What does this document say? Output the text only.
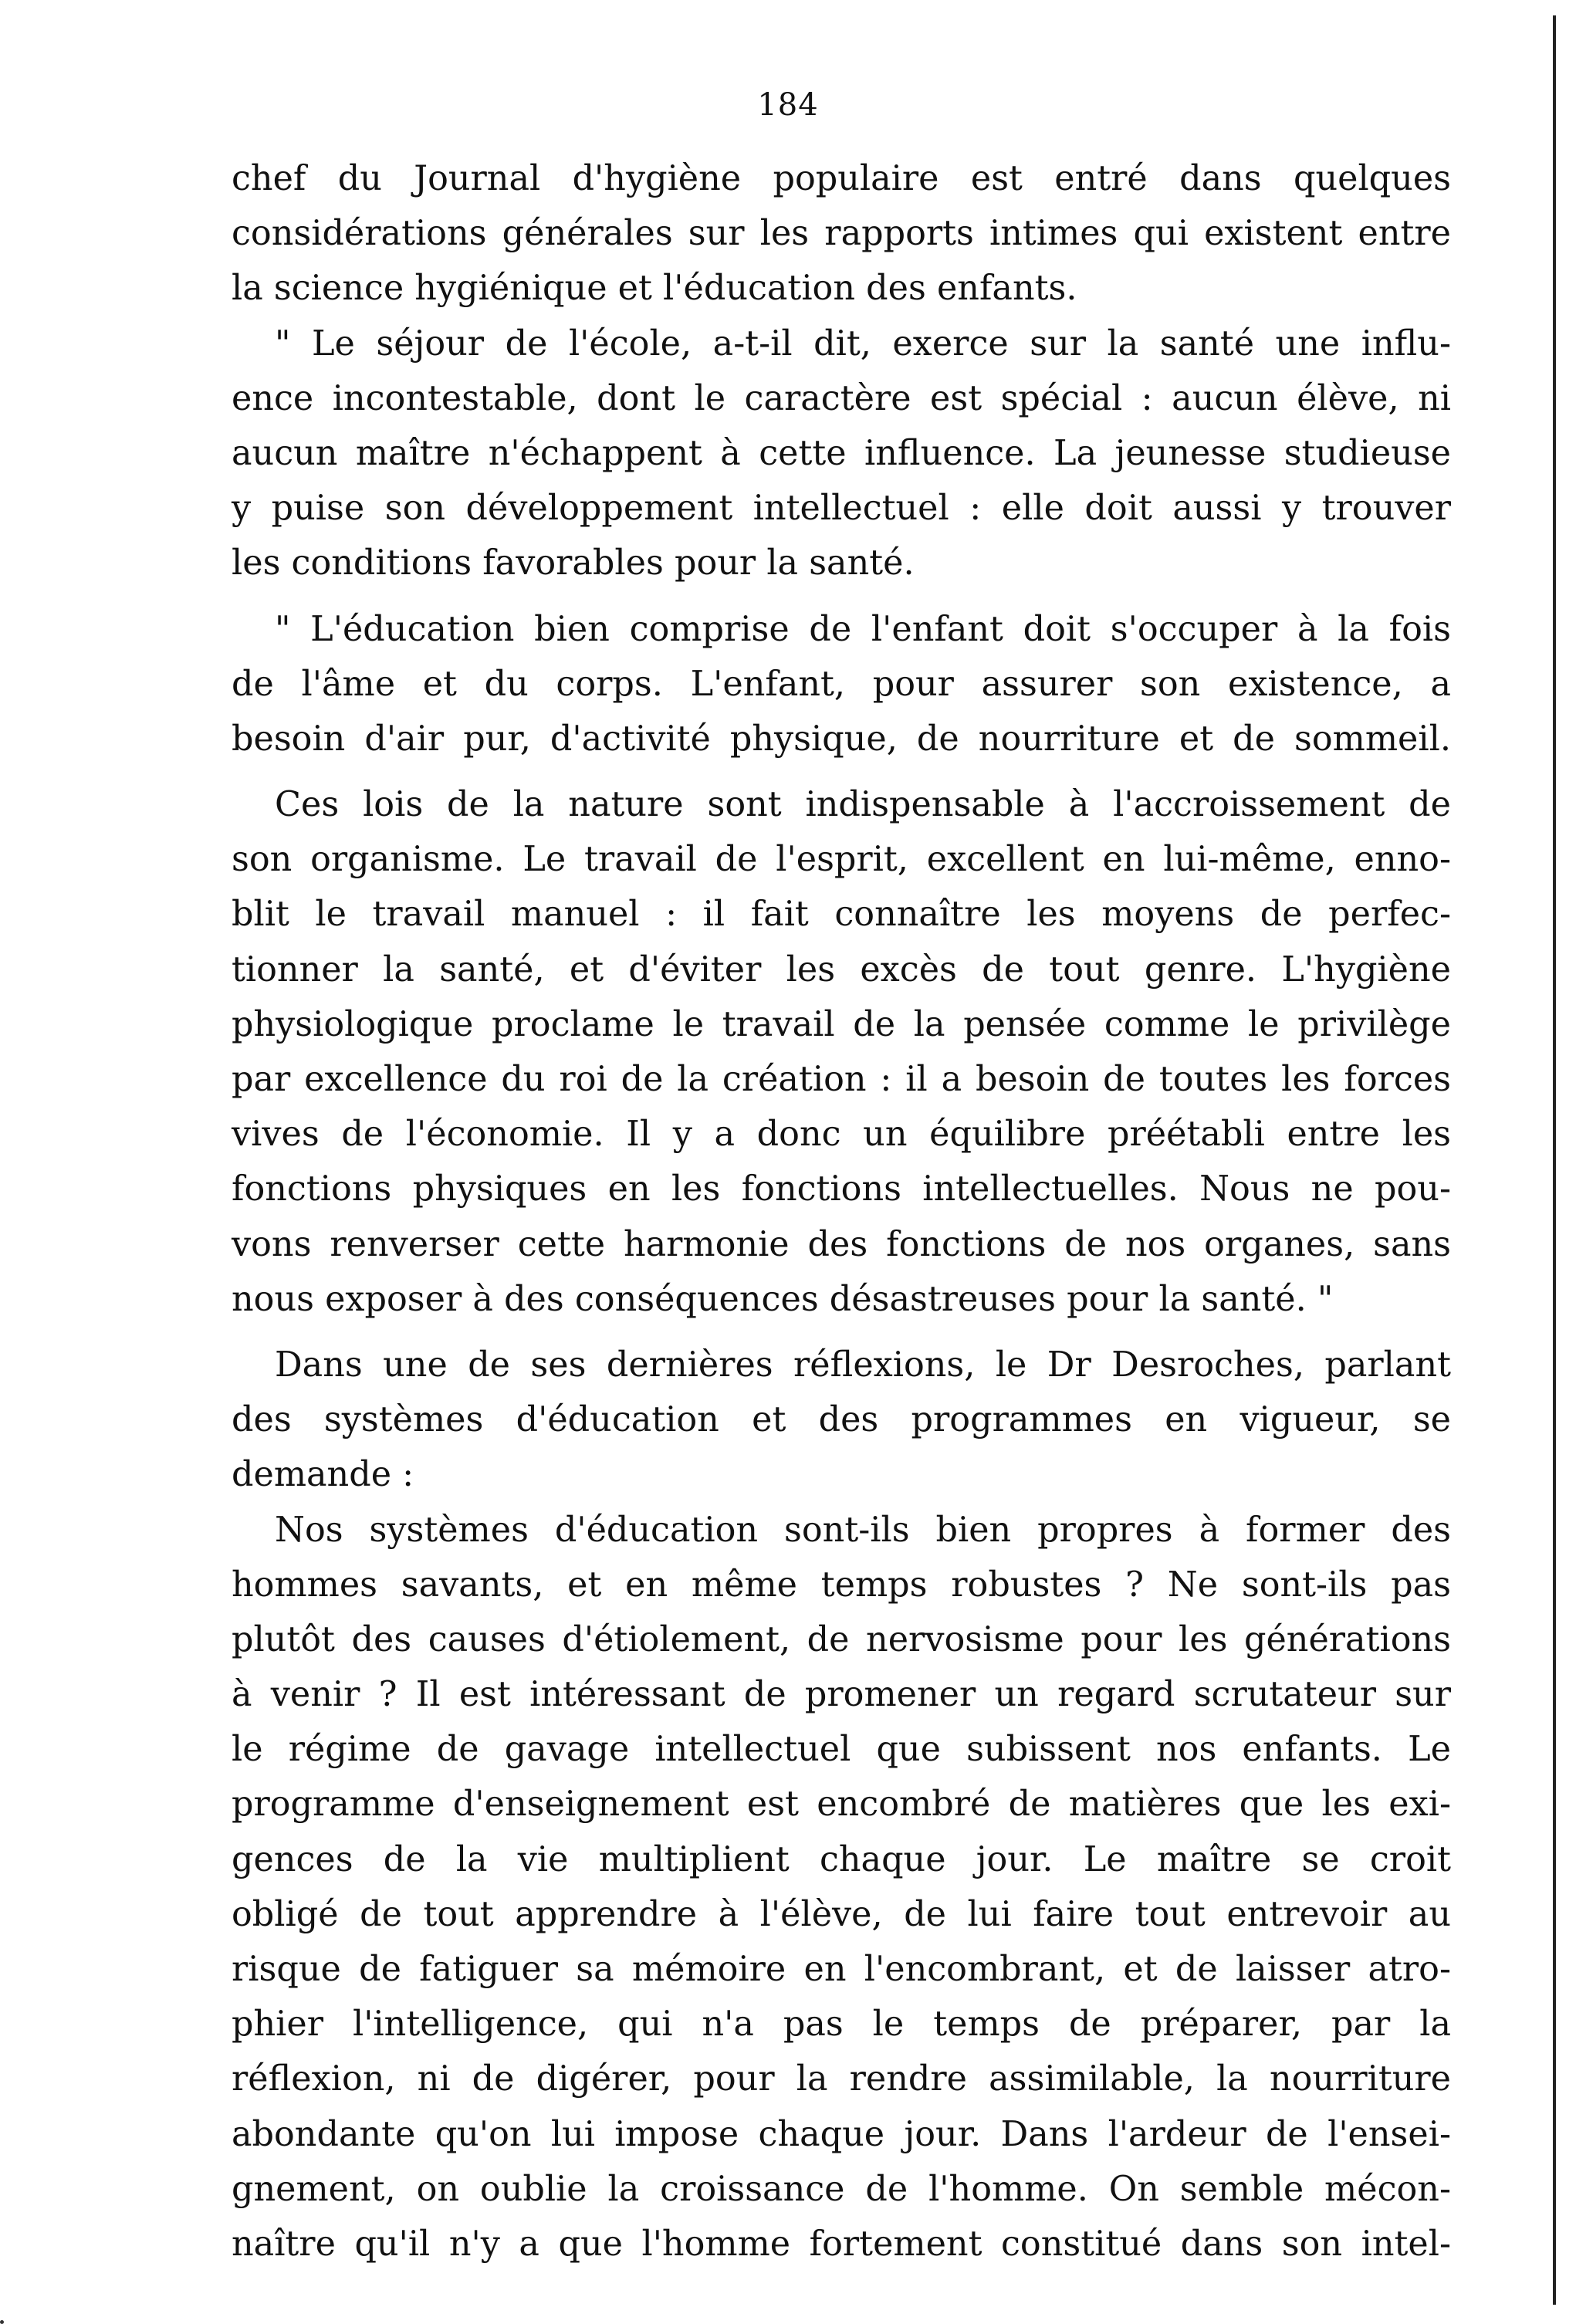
184
chef du Journal d'hygiène populaire est entré dans quelques
considérations générales sur les rapports intimes qui existent entre
la science hygiénique et l'éducation des enfants.
" Le séjour de l'école, a-t-il dit, exerce sur la santé une influ-
ence incontestable, dont le caractère est spécial : aucun élève, ni
aucun maître n'échappent à cette influence. La jeunesse studieuse
y puise son développement intellectuel : elle doit aussi y trouver
les conditions favorables pour la santé.
" L'éducation bien comprise de l'enfant doit s'occuper à la fois
de l'âme et du corps. L'enfant, pour assurer son existence, a
besoin d'air pur, d'activité physique, de nourriture et de sommeil.
Ces lois de la nature sont indispensable à l'accroissement de
son organisme. Le travail de l'esprit, excellent en lui-même, enno-
blit le travail manuel : il fait connaître les moyens de perfec-
tionner la santé, et d'éviter les excès de tout genre. L'hygiène
physiologique proclame le travail de la pensée comme le privilège
par excellence du roi de la création : il a besoin de toutes les forces
vives de l'économie. Il y a donc un équilibre préétabli entre les
fonctions physiques en les fonctions intellectuelles. Nous ne pou-
vons renverser cette harmonie des fonctions de nos organes, sans
nous exposer à des conséquences désastreuses pour la santé. "
Dans une de ses dernières réflexions, le Dr Desroches, parlant
des systèmes d'éducation et des programmes en vigueur, se
demande :
Nos systèmes d'éducation sont-ils bien propres à former des
hommes savants, et en même temps robustes ? Ne sont-ils pas
plutôt des causes d'étiolement, de nervosisme pour les générations
à venir ? Il est intéressant de promener un regard scrutateur sur
le régime de gavage intellectuel que subissent nos enfants. Le
programme d'enseignement est encombré de matières que les exi-
gences de la vie multiplient chaque jour. Le maître se croit
obligé de tout apprendre à l'élève, de lui faire tout entrevoir au
risque de fatiguer sa mémoire en l'encombrant, et de laisser atro-
phier l'intelligence, qui n'a pas le temps de préparer, par la
réflexion, ni de digérer, pour la rendre assimilable, la nourriture
abondante qu'on lui impose chaque jour. Dans l'ardeur de l'ensei-
gnement, on oublie la croissance de l'homme. On semble mécon-
naître qu'il n'y a que l'homme fortement constitué dans son intel-
